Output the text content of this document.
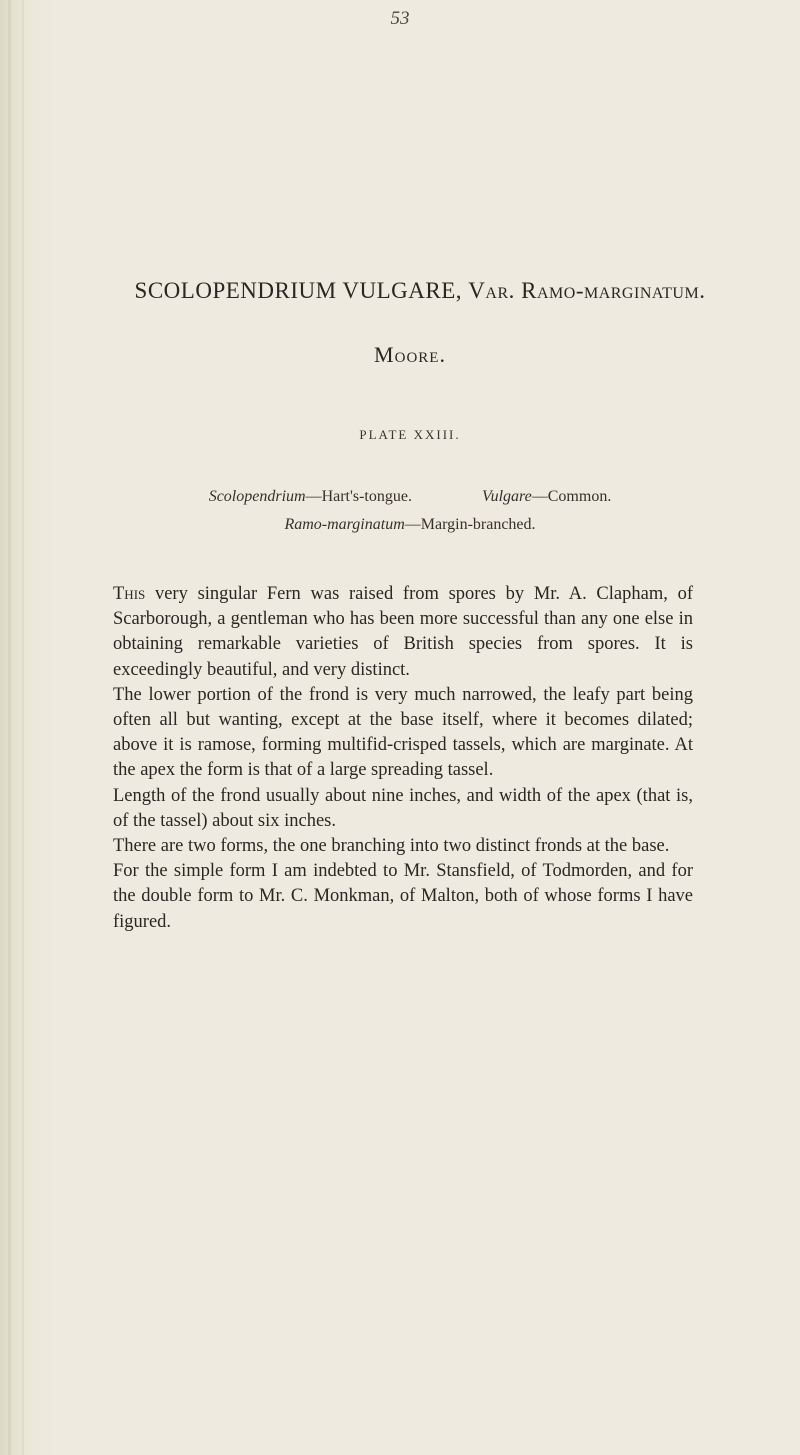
53
SCOLOPENDRIUM VULGARE, Var. Ramo-marginatum.
Moore.
PLATE XXIII.
Scolopendrium—Hart's-tongue.	Vulgare—Common.
Ramo-marginatum—Margin-branched.

This very singular Fern was raised from spores by Mr. A. Clapham, of Scarborough, a gentleman who has been more successful than any one else in obtaining remarkable varieties of British species from spores. It is exceedingly beautiful, and very distinct.

The lower portion of the frond is very much narrowed, the leafy part being often all but wanting, except at the base itself, where it becomes dilated; above it is ramose, forming multifid-crisped tassels, which are marginate. At the apex the form is that of a large spreading tassel.

Length of the frond usually about nine inches, and width of the apex (that is, of the tassel) about six inches.

There are two forms, the one branching into two distinct fronds at the base.

For the simple form I am indebted to Mr. Stansfield, of Todmorden, and for the double form to Mr. C. Monkman, of Malton, both of whose forms I have figured.
